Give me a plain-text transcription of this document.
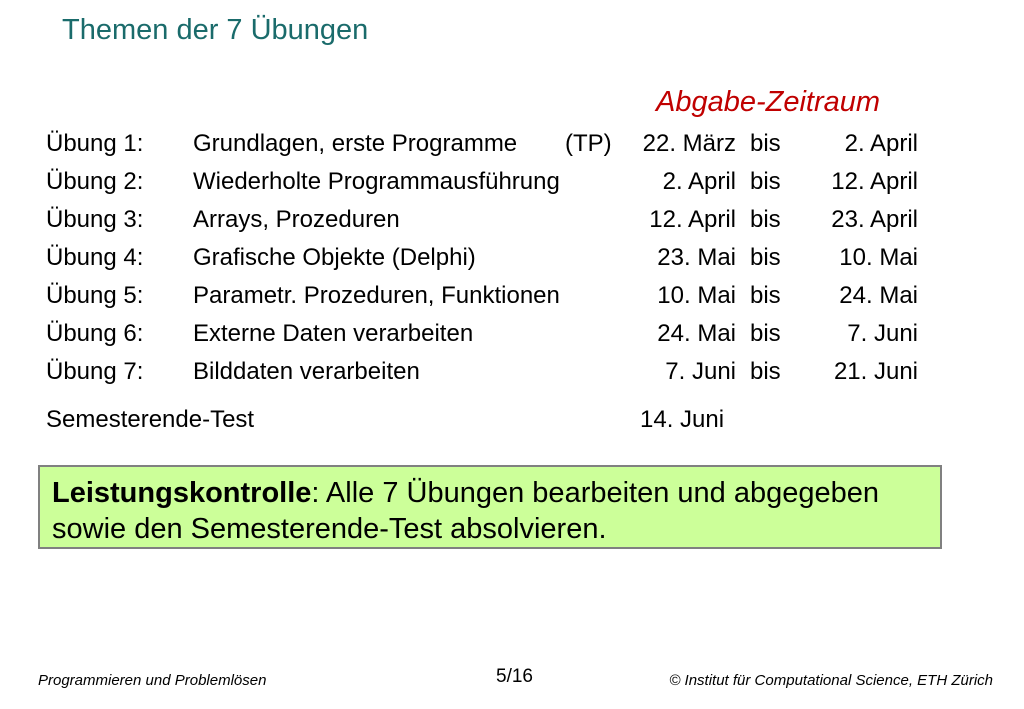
Themen der 7 Übungen
Abgabe-Zeitraum
Übung 1: Grundlagen, erste Programme (TP) 22. März bis	2. April
Übung 2: Wiederholte Programmausführung	2. April bis 12. April
Übung 3: Arrays, Prozeduren	12. April bis 23. April
Übung 4: Grafische Objekte (Delphi)	23. Mai bis 10. Mai
Übung 5: Parametr. Prozeduren, Funktionen	10. Mai bis 24. Mai
Übung 6: Externe Daten verarbeiten	24. Mai bis	7. Juni
Übung 7: Bilddaten verarbeiten	7. Juni bis 21. Juni
Semesterende-Test	14. Juni
Leistungskontrolle: Alle 7 Übungen bearbeiten und abgegeben sowie den Semesterende-Test absolvieren.
Programmieren und Problemlösen	5/16	© Institut für Computational Science, ETH Zürich
